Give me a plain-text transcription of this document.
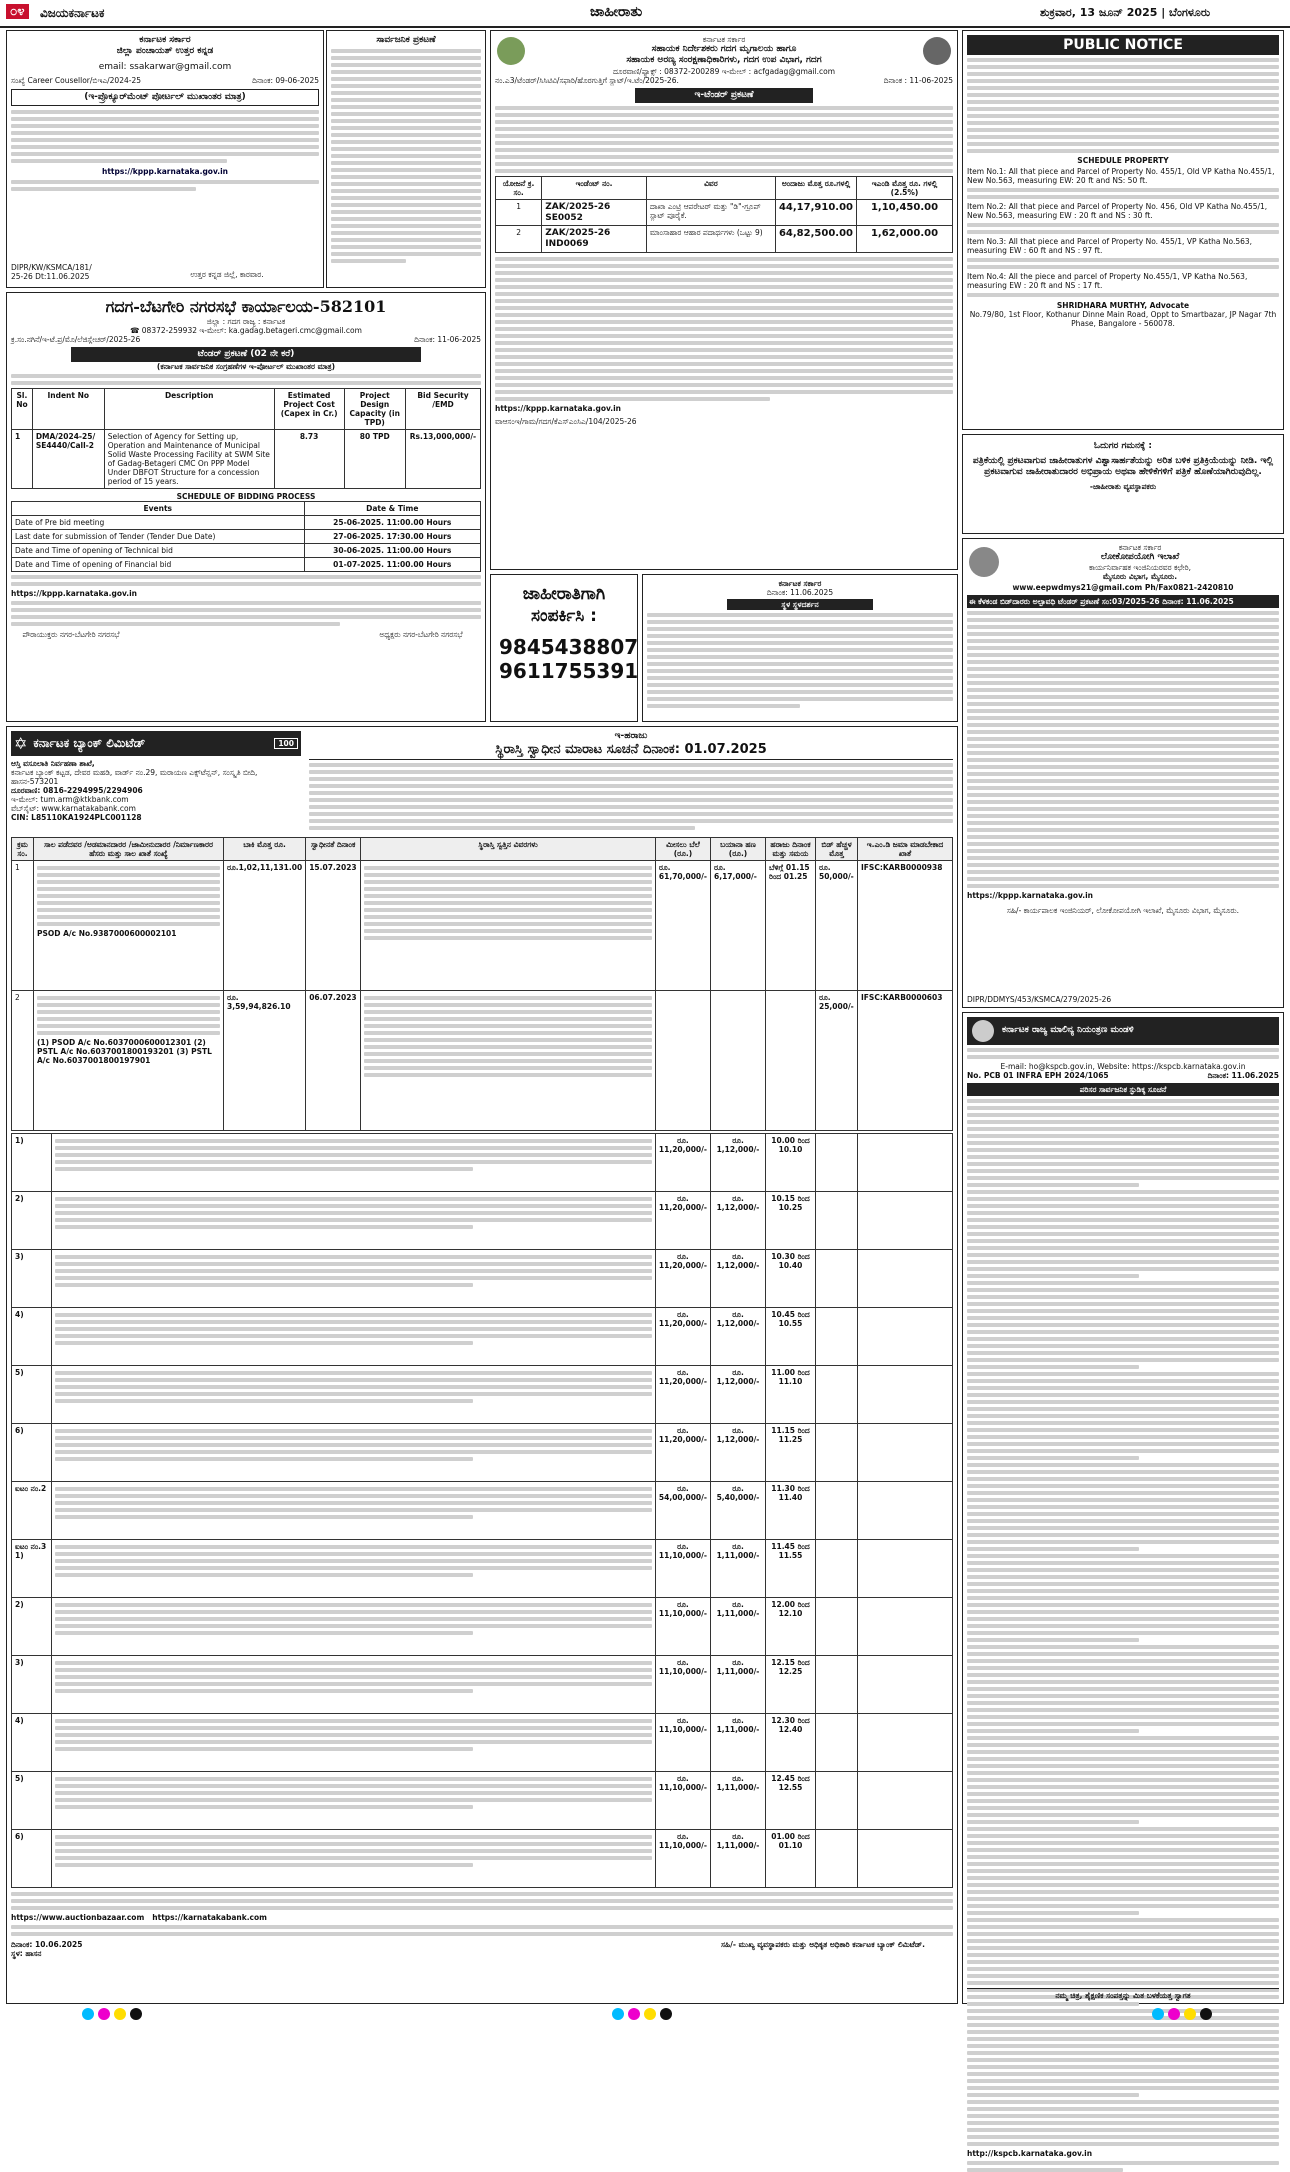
೦೪	ವಿಜಯಕರ್ನಾಟಕ	ಜಾಹೀರಾತು	ಶುಕ್ರವಾರ, 13 ಜೂನ್ 2025 | ಬೆಂಗಳೂರು
ಕರ್ನಾಟಕ ಸರ್ಕಾರ
ಜಿಲ್ಲಾ ಪಂಚಾಯತ್ ಉತ್ತರ ಕನ್ನಡ
email: ssakarwar@gmail.com
ಸಂಖ್ಯೆ Career Cousellor/ಬಿಇಎ/2024-25	ದಿನಾಂಕ: 09-06-2025
(ಇ-ಪ್ರೊಕ್ಯೂರ್‌ಮೆಂಟ್ ಪೋರ್ಟಲ್ ಮುಖಾಂತರ ಮಾತ್ರ)
https://kppp.karnataka.gov.in
DIPR/KW/KSMCA/181/ 25-26 Dt:11.06.2025	ಉತ್ತರ ಕನ್ನಡ ಜಿಲ್ಲೆ, ಕಾರವಾರ.
ಸಾರ್ವಜನಿಕ ಪ್ರಕಟಣೆ
ಗದಗ-ಬೆಟಗೇರಿ ನಗರಸಭೆ ಕಾರ್ಯಾಲಯ-582101
ಜಿಲ್ಲಾ : ಗದಗ ರಾಜ್ಯ : ಕರ್ನಾಟಕ
☎ 08372-259932 ಇ-ಮೇಲ್: ka.gadag.betageri.cmc@gmail.com
ಕ್ರ.ಸಂ.ನಗಿನೆ/ಇ-ಟೆ.ಪ್ರ/ಮೊ/ಲೆಜಿಸ್ಲೇಚರ್/2025-26	ದಿನಾಂಕ: 11-06-2025
ಟೆಂಡರ್ ಪ್ರಕಟಣೆ (02 ನೇ ಕರೆ)
(ಕರ್ನಾಟಕ ಸಾರ್ವಜನಿಕ ಸಂಗ್ರಹಣೆಗಳ ಇ-ಪೋರ್ಟಲ್ ಮುಖಾಂತರ ಮಾತ್ರ)
Sl. No	Indent No	Description	Estimated Project Cost (Capex in Cr.)	Project Design Capacity (in TPD)	Bid Security /EMD
1	DMA/2024-25/ SE4440/Call-2	Selection of Agency for Setting up, Operation and Maintenance of Municipal Solid Waste Processing Facility at SWM Site of Gadag-Betageri CMC On PPP Model Under DBFOT Structure for a concession period of 15 years.	8.73	80 TPD	Rs.13,000,000/-
SCHEDULE OF BIDDING PROCESS
Events	Date & Time
Date of Pre bid meeting	25-06-2025. 11:00.00 Hours
Last date for submission of Tender (Tender Due Date)	27-06-2025. 17:30.00 Hours
Date and Time of opening of Technical bid	30-06-2025. 11:00.00 Hours
Date and Time of opening of Financial bid	01-07-2025. 11:00.00 Hours
https://kppp.karnataka.gov.in
ಪೌರಾಯುಕ್ತರು ನಗರ-ಬೆಟಗೇರಿ ನಗರಸಭೆ	ಅಧ್ಯಕ್ಷರು ನಗರ-ಬೆಟಗೇರಿ ನಗರಸಭೆ
ಕರ್ನಾಟಕ ಸರ್ಕಾರ
ಸಹಾಯಕ ನಿರ್ದೇಶಕರು ಗದಗ ಮೃಗಾಲಯ ಹಾಗೂ
ಸಹಾಯಕ ಅರಣ್ಯ ಸಂರಕ್ಷಣಾಧಿಕಾರಿಗಳು, ಗದಗ ಉಪ ವಿಭಾಗ, ಗದಗ
ದೂರವಾಣಿ/ಫ್ಯಾಕ್ಸ್ : 08372-200289 ಇ-ಮೇಲ್ : acfgadag@gmail.com
ನಂ.ಎ3/ಟೆಂಡರ್/ಸಿಸಿಟಿವಿ/ಸಫಾರಿ/ಹೊರಗುತ್ತಿಗೆ ಸ್ಲಾಟ್/ಇ.ಟೆಂ/2025-26.	ದಿನಾಂಕ : 11-06-2025
ಇ-ಟೆಂಡರ್ ಪ್ರಕಟಣೆ
ಯೋಜನೆ ಕ್ರ. ಸಂ.	ಇಂಡೆಂಟ್ ನಂ.	ವಿವರ	ಅಂದಾಜು ಮೊತ್ತ ರೂ.ಗಳಲ್ಲಿ	ಇಎಂಡಿ ಮೊತ್ತ ರೂ. ಗಳಲ್ಲಿ (2.5%)
1	ZAK/2025-26 SE0052	ದಾಖಾ ಎಂಟ್ರಿ ಆಪರೇಟರ್ ಮತ್ತು "ಡಿ"-ಗ್ರೂಪ್ ಸ್ಲಾಟ್ ಪೂರೈಕೆ.	44,17,910.00	1,10,450.00
2	ZAK/2025-26 IND0069	ಮಾಂಸಾಹಾರ ಆಹಾರ ಪದಾರ್ಥಗಳು (ಒಟ್ಟು 9)	64,82,500.00	1,62,000.00
https://kppp.karnataka.gov.in
ವಾಆಸಂಇ/ಗಾಮ/ಗದಗ/ಕೆಎಸ್‌ಎಂಸಿಎ/104/2025-26
ಜಾಹೀರಾತಿಗಾಗಿ ಸಂಪರ್ಕಿಸಿ :
9845438807
9611755391
ಕರ್ನಾಟಕ ಸರ್ಕಾರ
ದಿನಾಂಕ: 11.06.2025
ಸ್ಥಳ ಸ್ಥಳದರ್ಶನ
PUBLIC NOTICE
SCHEDULE PROPERTY
Item No.1: All that piece and Parcel of Property No. 455/1, Old VP Katha No.455/1, New No.563, measuring EW: 20 ft and NS: 50 ft.
Item No.2: All that piece and Parcel of Property No. 456, Old VP Katha No.455/1, New No.563, measuring EW : 20 ft and NS : 30 ft.
Item No.3: All that piece and Parcel of Property No. 455/1, VP Katha No.563, measuring EW : 60 ft and NS : 97 ft.
Item No.4: All the piece and parcel of Property No.455/1, VP Katha No.563, measuring EW : 20 ft and NS : 17 ft.
SHRIDHARA MURTHY, Advocate
No.79/80, 1st Floor, Kothanur Dinne Main Road, Oppt to Smartbazar, JP Nagar 7th Phase, Bangalore - 560078.
ಓದುಗರ ಗಮನಕ್ಕೆ :
ಪತ್ರಿಕೆಯಲ್ಲಿ ಪ್ರಕಟವಾಗುವ ಜಾಹೀರಾತುಗಳ ವಿಶ್ವಾಸಾರ್ಹತೆಯನ್ನು ಅರಿತ ಬಳಿಕ ಪ್ರತಿಕ್ರಿಯೆಯನ್ನು ನೀಡಿ. ಇಲ್ಲಿ ಪ್ರಕಟವಾಗುವ ಜಾಹೀರಾತುದಾರರ ಅಭಿಪ್ರಾಯ ಅಥವಾ ಹೇಳಿಕೆಗಳಿಗೆ ಪತ್ರಿಕೆ ಹೊಣೆಯಾಗಿರುವುದಿಲ್ಲ.
-ಜಾಹೀರಾತು ವ್ಯವಸ್ಥಾಪಕರು
ಕರ್ನಾಟಕ ಸರ್ಕಾರ
ಲೋಕೋಪಯೋಗಿ ಇಲಾಖೆ
ಕಾರ್ಯನಿರ್ವಾಹಕ ಇಂಜಿನಿಯರವರ ಕಛೇರಿ,
ಮೈಸೂರು ವಿಭಾಗ, ಮೈಸೂರು.
www.eepwdmys21@gmail.com Ph/Fax0821-2420810
ಈ ಕೆಳಕಂಡ ಬಿಡ್‌ದಾರರು ಅಲ್ಪಾವಧಿ ಟೆಂಡರ್ ಪ್ರಕಟಣೆ ಸಂ:03/2025-26 ದಿನಾಂಕ: 11.06.2025
https://kppp.karnataka.gov.in
ಸಹಿ/- ಕಾರ್ಯಪಾಲಕ ಇಂಜಿನಿಯರ್, ಲೋಕೋಪಯೋಗಿ ಇಲಾಖೆ, ಮೈಸೂರು ವಿಭಾಗ, ಮೈಸೂರು.
DIPR/DDMYS/453/KSMCA/279/2025-26
ಕರ್ನಾಟಕ ರಾಜ್ಯ ಮಾಲಿನ್ಯ ನಿಯಂತ್ರಣ ಮಂಡಳಿ
E-mail: ho@kspcb.gov.in, Website: https://kspcb.karnataka.gov.in
No. PCB 01 INFRA EPH 2024/1065	ದಿನಾಂಕ: 11.06.2025
ಪರಿಸರ ಸಾರ್ವಜನಿಕ ಸ್ಫುಡಿಕ್ಕ ಸೂಚನೆ
http://kspcb.karnataka.gov.in
ನಮ್ಮ ಚಿತ್ರ, ಶೈಕ್ಷಣಿಕ ಸಂಪತ್ತನ್ನು ಮಿತ ಬಳಕೆಯತ್ತ ಸ್ವಾಗತ
✡ ಕರ್ನಾಟಕ ಬ್ಯಾಂಕ್ ಲಿಮಿಟೆಡ್	100
ಆಸ್ತಿ ವಸೂಲಾತಿ ನಿರ್ವಹಣಾ ಶಾಖೆ,
ಕರ್ನಾಟಕ ಬ್ಯಾಂಕ್ ಕಟ್ಟಡ, ದೇವರ ಮಹಡಿ, ವಾರ್ಡ್ ನಂ.29, ಮರಾಯಣ ಎಕ್ಸ್‌ಟೆನ್ಷನ್, ಸಂಸ್ಕೃತಿ ಬೀದಿ, ಹಾಸನ-573201
ದೂರವಾಣಿ: 0816-2294995/2294906
ಇ-ಮೇಲ್: tum.arm@ktkbank.com
ವೆಬ್‌ಸೈಟ್: www.karnatakabank.com
CIN: L85110KA1924PLC001128
ಇ-ಹರಾಜು
ಸ್ಥಿರಾಸ್ತಿ ಸ್ವಾಧೀನ ಮಾರಾಟ ಸೂಚನೆ ದಿನಾಂಕ: 01.07.2025
ಕ್ರಮ ಸಂ.	ಸಾಲ ಪಡೆದವರ /ಅಡಮಾನದಾರರ /ಜಾಮೀನುದಾರರ /ನಿರ್ಮಾಣಕಾರರ ಹೆಸರು ಮತ್ತು ಸಾಲ ಖಾತೆ ಸಂಖ್ಯೆ	ಬಾಕಿ ಮೊತ್ತ ರೂ.	ಸ್ವಾಧೀನತೆ ದಿನಾಂಕ	ಸ್ಥಿರಾಸ್ತಿ ಸ್ವತ್ತಿನ ವಿವರಗಳು	ಮೀಸಲು ಬೆಲೆ (ರೂ.)	ಬಯಾನಾ ಹಣ (ರೂ.)	ಹರಾಜು ದಿನಾಂಕ ಮತ್ತು ಸಮಯ	ಬಿಡ್ ಹೆಚ್ಚಳ ಮೊತ್ತ	ಇ.ಎಂ.ಡಿ ಜಮಾ ಮಾಡಬೇಕಾದ ಖಾತೆ
1	PSOD A/c No.9387000600002101	ರೂ.1,02,11,131.00	15.07.2023		ರೂ. 61,70,000/-	ರೂ. 6,17,000/-	ಬೆಳಿಗ್ಗೆ 01.15 ರಿಂದ 01.25	ರೂ. 50,000/-	IFSC:KARB0000938
2	(1) PSOD A/c No.6037000600012301 (2) PSTL A/c No.6037001800193201 (3) PSTL A/c No.6037001800197901	ರೂ. 3,59,94,826.10	06.07.2023					ರೂ. 25,000/-	IFSC:KARB0000603
1)		ರೂ. 11,20,000/-	ರೂ. 1,12,000/-	10.00 ರಿಂದ 10.10		
2)		ರೂ. 11,20,000/-	ರೂ. 1,12,000/-	10.15 ರಿಂದ 10.25		
3)		ರೂ. 11,20,000/-	ರೂ. 1,12,000/-	10.30 ರಿಂದ 10.40		
4)		ರೂ. 11,20,000/-	ರೂ. 1,12,000/-	10.45 ರಿಂದ 10.55		
5)		ರೂ. 11,20,000/-	ರೂ. 1,12,000/-	11.00 ರಿಂದ 11.10		
6)		ರೂ. 11,20,000/-	ರೂ. 1,12,000/-	11.15 ರಿಂದ 11.25		
ಐಟಂ ನಂ.2		ರೂ. 54,00,000/-	ರೂ. 5,40,000/-	11.30 ರಿಂದ 11.40		
ಐಟಂ ನಂ.3 1)		ರೂ. 11,10,000/-	ರೂ. 1,11,000/-	11.45 ರಿಂದ 11.55		
2)		ರೂ. 11,10,000/-	ರೂ. 1,11,000/-	12.00 ರಿಂದ 12.10		
3)		ರೂ. 11,10,000/-	ರೂ. 1,11,000/-	12.15 ರಿಂದ 12.25		
4)		ರೂ. 11,10,000/-	ರೂ. 1,11,000/-	12.30 ರಿಂದ 12.40		
5)		ರೂ. 11,10,000/-	ರೂ. 1,11,000/-	12.45 ರಿಂದ 12.55		
6)		ರೂ. 11,10,000/-	ರೂ. 1,11,000/-	01.00 ರಿಂದ 01.10		
https://www.auctionbazaar.com https://karnatakabank.com
ದಿನಾಂಕ: 10.06.2025
ಸ್ಥಳ: ಹಾಸನ
ಸಹಿ/- ಮುಖ್ಯ ವ್ಯವಸ್ಥಾಪಕರು ಮತ್ತು ಅಧಿಕೃತ ಅಧಿಕಾರಿ ಕರ್ನಾಟಕ ಬ್ಯಾಂಕ್ ಲಿಮಿಟೆಡ್.
